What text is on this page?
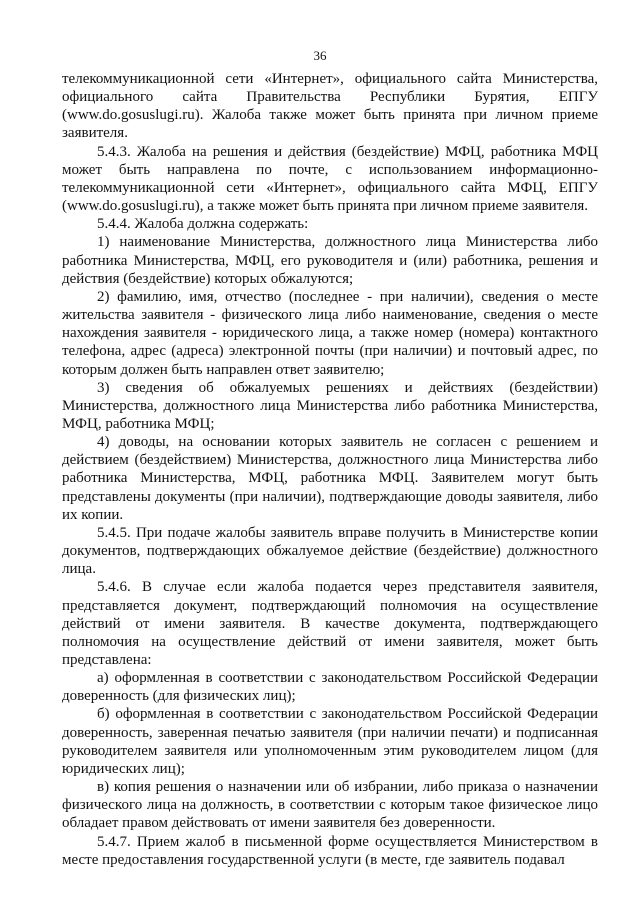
36

телекоммуникационной сети «Интернет», официального сайта Министерства, официального сайта Правительства Республики Бурятия, ЕПГУ (www.do.gosuslugi.ru). Жалоба также может быть принята при личном приеме заявителя.

5.4.3. Жалоба на решения и действия (бездействие) МФЦ, работника МФЦ может быть направлена по почте, с использованием информационно-телекоммуникационной сети «Интернет», официального сайта МФЦ, ЕПГУ (www.do.gosuslugi.ru), а также может быть принята при личном приеме заявителя.

5.4.4. Жалоба должна содержать:

1) наименование Министерства, должностного лица Министерства либо работника Министерства, МФЦ, его руководителя и (или) работника, решения и действия (бездействие) которых обжалуются;

2) фамилию, имя, отчество (последнее - при наличии), сведения о месте жительства заявителя - физического лица либо наименование, сведения о месте нахождения заявителя - юридического лица, а также номер (номера) контактного телефона, адрес (адреса) электронной почты (при наличии) и почтовый адрес, по которым должен быть направлен ответ заявителю;

3) сведения об обжалуемых решениях и действиях (бездействии) Министерства, должностного лица Министерства либо работника Министерства, МФЦ, работника МФЦ;

4) доводы, на основании которых заявитель не согласен с решением и действием (бездействием) Министерства, должностного лица Министерства либо работника Министерства, МФЦ, работника МФЦ. Заявителем могут быть представлены документы (при наличии), подтверждающие доводы заявителя, либо их копии.

5.4.5. При подаче жалобы заявитель вправе получить в Министерстве копии документов, подтверждающих обжалуемое действие (бездействие) должностного лица.

5.4.6. В случае если жалоба подается через представителя заявителя, представляется документ, подтверждающий полномочия на осуществление действий от имени заявителя. В качестве документа, подтверждающего полномочия на осуществление действий от имени заявителя, может быть представлена:

а) оформленная в соответствии с законодательством Российской Федерации доверенность (для физических лиц);

б) оформленная в соответствии с законодательством Российской Федерации доверенность, заверенная печатью заявителя (при наличии печати) и подписанная руководителем заявителя или уполномоченным этим руководителем лицом (для юридических лиц);

в) копия решения о назначении или об избрании, либо приказа о назначении физического лица на должность, в соответствии с которым такое физическое лицо обладает правом действовать от имени заявителя без доверенности.

5.4.7. Прием жалоб в письменной форме осуществляется Министерством в месте предоставления государственной услуги (в месте, где заявитель подавал
